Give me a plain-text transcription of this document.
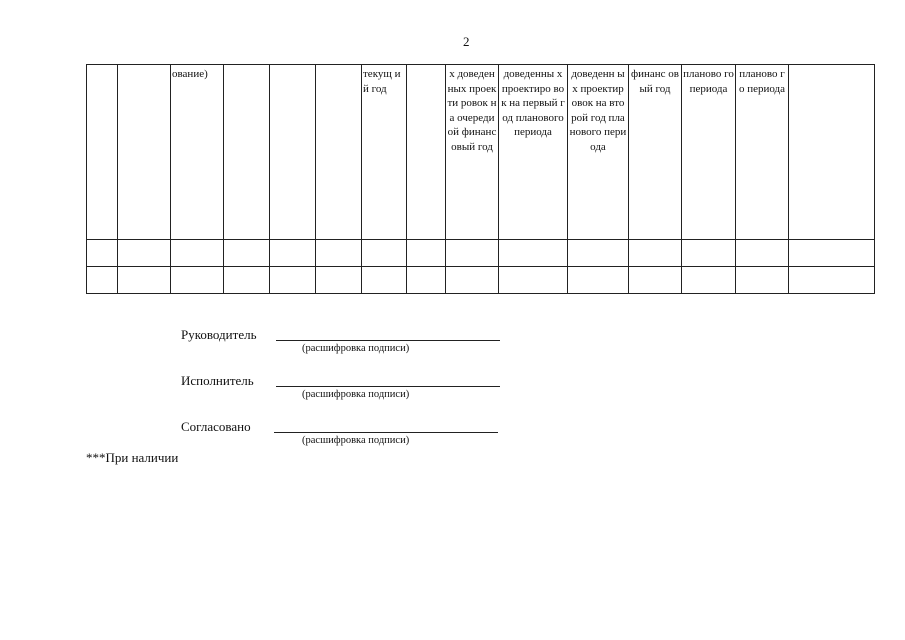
2
		ование)				текущ ий год		х доведен ных проекти ровок на очереди ой финанс овый год	доведенны х проектиро вок на первый год планового периода	доведенн ых проектир овок на второй год планового периода	финанс овый год	планово го периода	планово го периода	

Руководитель
(расшифровка подписи)
Исполнитель
(расшифровка подписи)
Согласовано
(расшифровка подписи)
***При наличии
